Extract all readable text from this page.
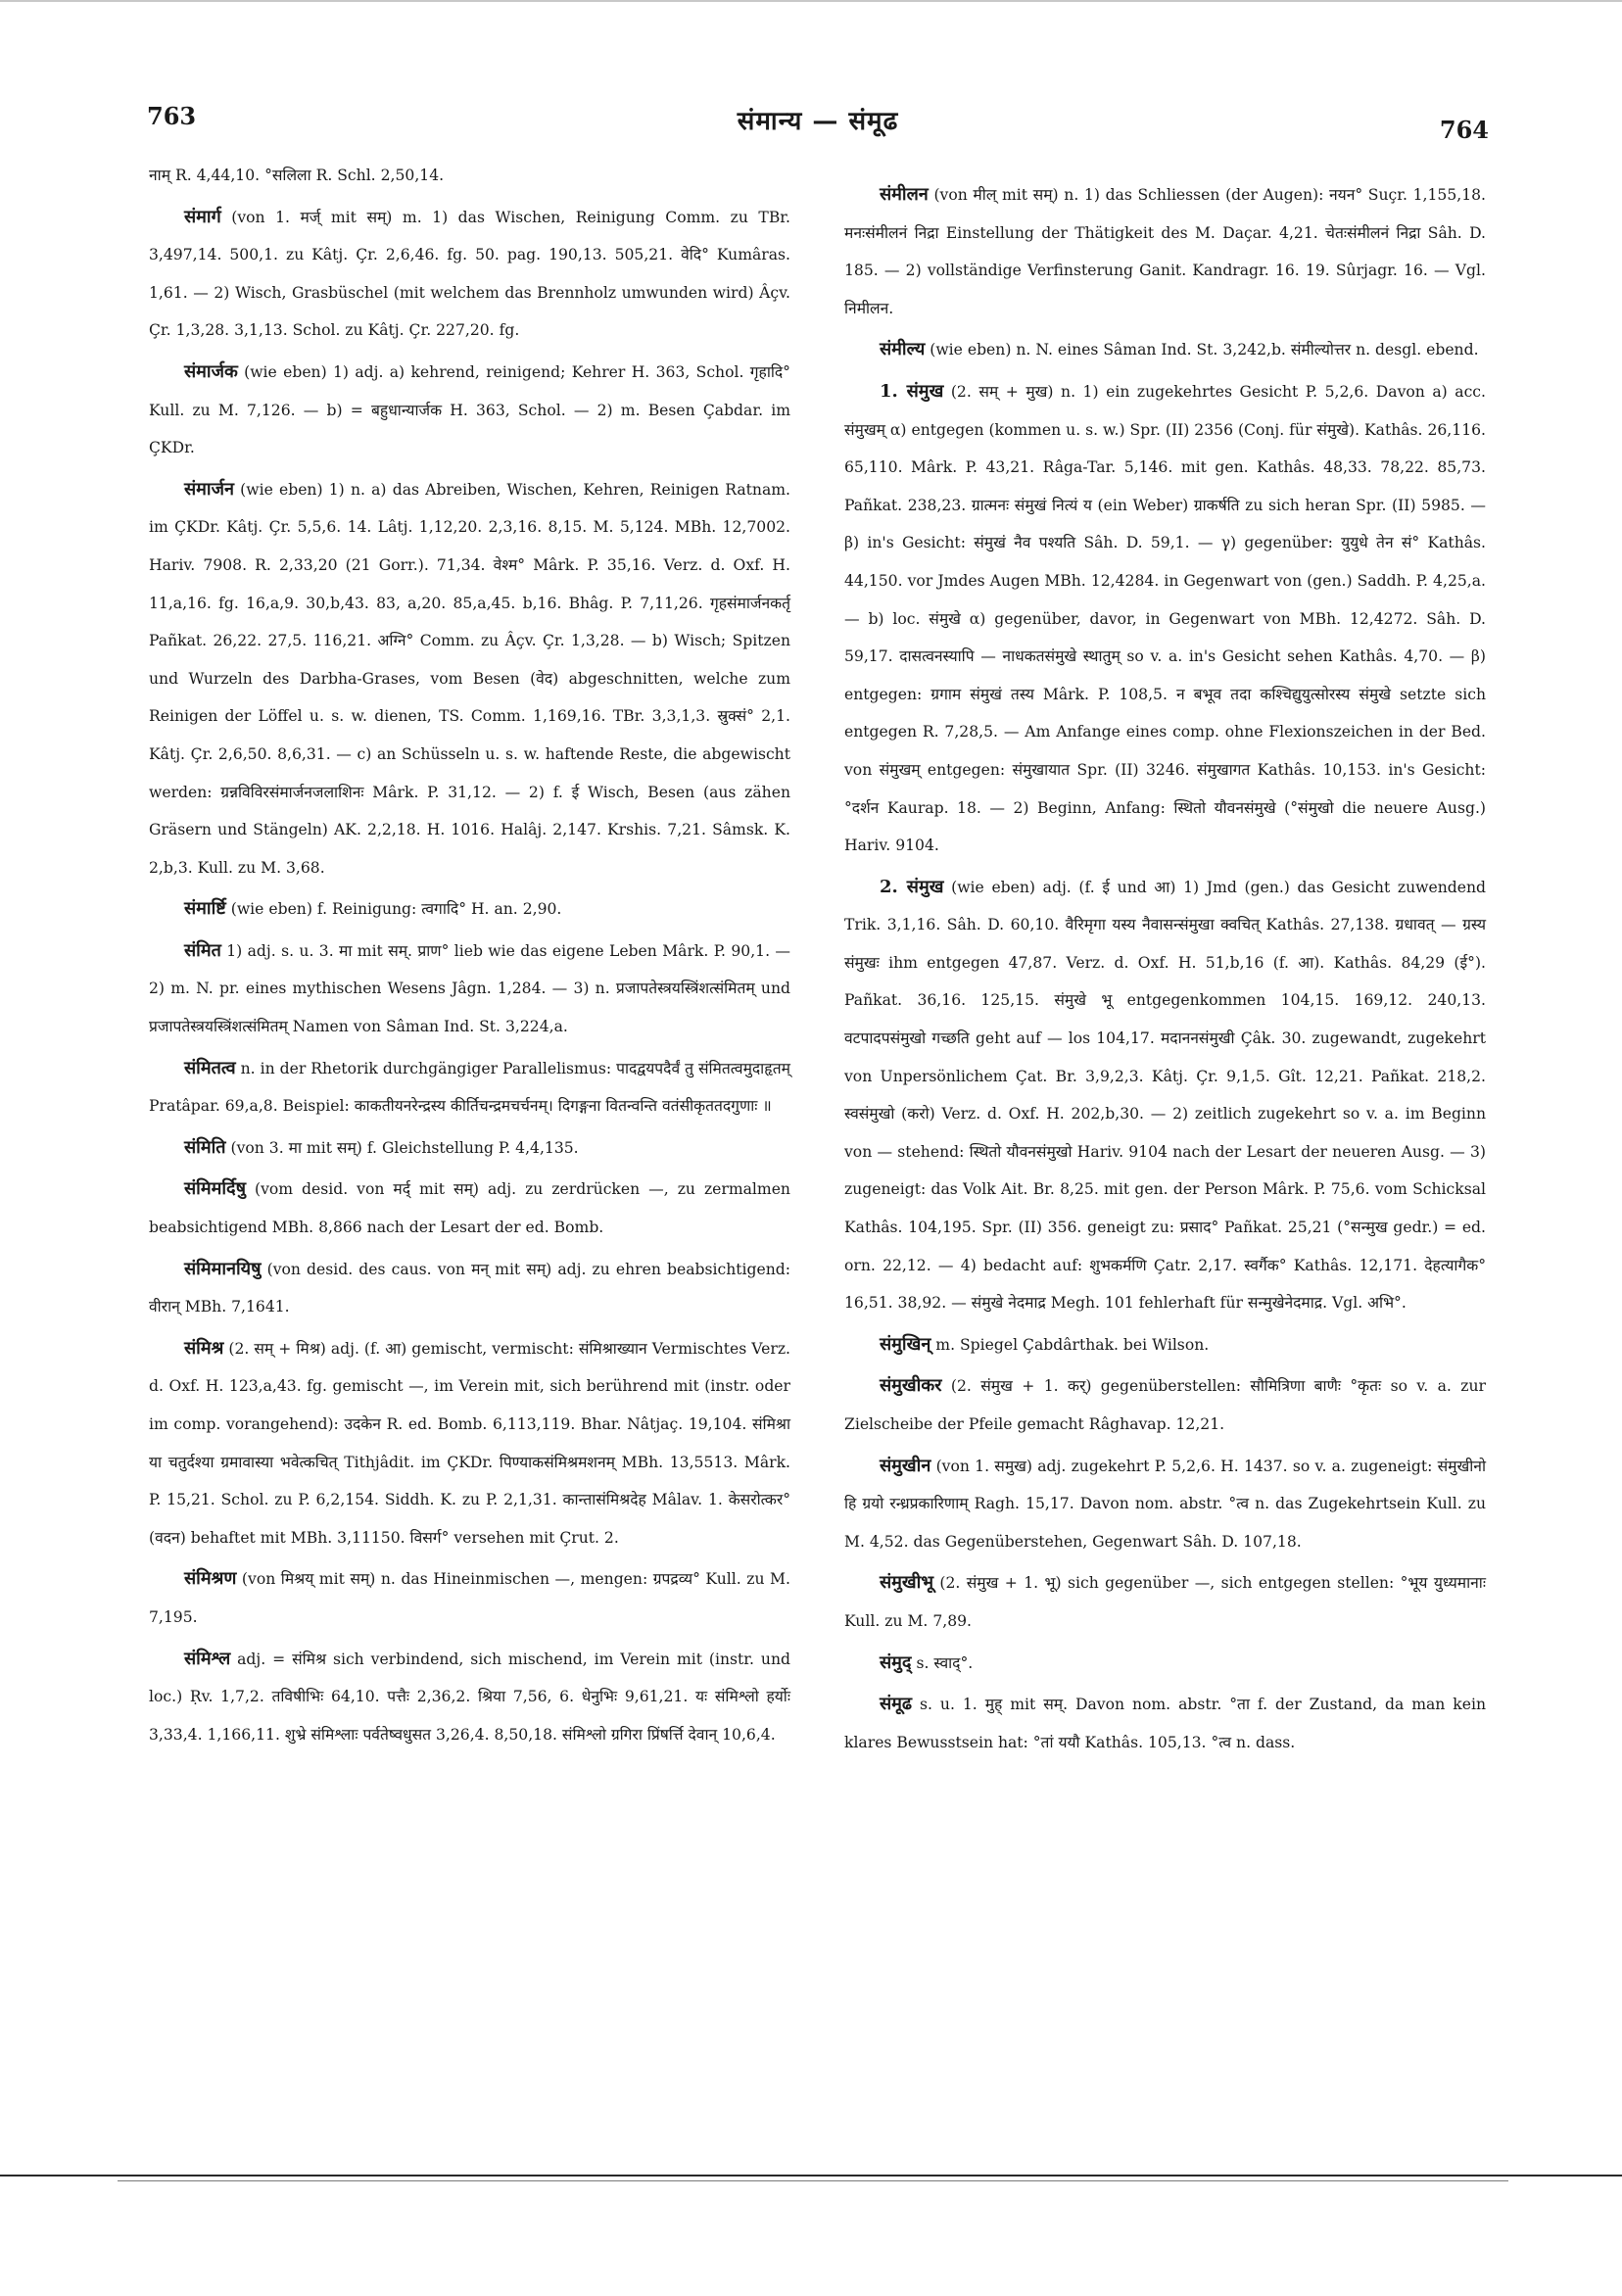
763	संमान्य — संमूढ	764

नाम् R. 4,44,10. °सलिला R. Schl. 2,50,14.

संमार्ग (von 1. मर्ज् mit सम्) m. 1) das Wischen, Reinigung Comm. zu TBr. 3,497,14. 500,1. zu Kâtj. Çr. 2,6,46. fg. 50. pag. 190,13. 505,21. वेदि° Kumâras. 1,61. — 2) Wisch, Grasbüschel (mit welchem das Brennholz umwunden wird) Âçv. Çr. 1,3,28. 3,1,13. Schol. zu Kâtj. Çr. 227,20. fg.

संमार्जक (wie eben) 1) adj. a) kehrend, reinigend; Kehrer H. 363, Schol. गृहादि° Kull. zu M. 7,126. — b) = बहुधान्यार्जक H. 363, Schol. — 2) m. Besen Çabdar. im ÇKDr.

संमार्जन (wie eben) 1) n. a) das Abreiben, Wischen, Kehren, Reinigen Ratnam. im ÇKDr. Kâtj. Çr. 5,5,6. 14. Lâtj. 1,12,20. 2,3,16. 8,15. M. 5,124. MBh. 12,7002. Hariv. 7908. R. 2,33,20 (21 Gorr.). 71,34. वेश्म° Mârk. P. 35,16. Verz. d. Oxf. H. 11,a,16. fg. 16,a,9. 30,b,43. 83, a,20. 85,a,45. b,16. Bhâg. P. 7,11,26. गृहसंमार्जनकर्तृ Pañkat. 26,22. 27,5. 116,21. अग्नि° Comm. zu Âçv. Çr. 1,3,28. — b) Wisch; Spitzen und Wurzeln des Darbha-Grases, vom Besen (वेद) abgeschnitten, welche zum Reinigen der Löffel u. s. w. dienen, TS. Comm. 1,169,16. TBr. 3,3,1,3. स्रुक्सं° 2,1. Kâtj. Çr. 2,6,50. 8,6,31. — c) an Schüsseln u. s. w. haftende Reste, die abgewischt werden: ग्रन्नविविरसंमार्जनजलाशिनः Mârk. P. 31,12. — 2) f. ई Wisch, Besen (aus zähen Gräsern und Stängeln) AK. 2,2,18. H. 1016. Halâj. 2,147. Krshis. 7,21. Sâmsk. K. 2,b,3. Kull. zu M. 3,68.

संमार्ष्टि (wie eben) f. Reinigung: त्वगादि° H. an. 2,90.

संमित 1) adj. s. u. 3. मा mit सम्. प्राण° lieb wie das eigene Leben Mârk. P. 90,1. — 2) m. N. pr. eines mythischen Wesens Jâgn. 1,284. — 3) n. प्रजापतेस्त्रयस्त्रिंशत्संमितम् und प्रजापतेस्त्रयस्त्रिंशत्संमितम् Namen von Sâman Ind. St. 3,224,a.

संमितत्व n. in der Rhetorik durchgängiger Parallelismus: पादद्वयपदैर्वं तु संमितत्वमुदाहृतम् Pratâpar. 69,a,8. Beispiel: काकतीयनरेन्द्रस्य कीर्तिचन्द्रमचर्चनम्। दिगङ्गना वितन्वन्ति वतंसीकृततदगुणाः ॥

संमिति (von 3. मा mit सम्) f. Gleichstellung P. 4,4,135.

संमिमर्दिषु (vom desid. von मर्द् mit सम्) adj. zu zerdrücken —, zu zermalmen beabsichtigend MBh. 8,866 nach der Lesart der ed. Bomb.

संमिमानयिषु (von desid. des caus. von मन् mit सम्) adj. zu ehren beabsichtigend: वीरान् MBh. 7,1641.

संमिश्र (2. सम् + मिश्र) adj. (f. आ) gemischt, vermischt: संमिश्राख्यान Vermischtes Verz. d. Oxf. H. 123,a,43. fg. gemischt —, im Verein mit, sich berührend mit (instr. oder im comp. vorangehend): उदकेन R. ed. Bomb. 6,113,119. Bhar. Nâtjaç. 19,104. संमिश्रा या चतुर्दश्या ग्रमावास्या भवेत्कचित् Tithjâdit. im ÇKDr. पिण्याकसंमिश्रमशनम् MBh. 13,5513. Mârk. P. 15,21. Schol. zu P. 6,2,154. Siddh. K. zu P. 2,1,31. कान्तासंमिश्रदेह Mâlav. 1. केसरोत्कर° (वदन) behaftet mit MBh. 3,11150. विसर्ग° versehen mit Çrut. 2.

संमिश्रण (von मिश्रय् mit सम्) n. das Hineinmischen —, mengen: ग्रपद्रव्य° Kull. zu M. 7,195.

संमिश्ल adj. = संमिश्र sich verbindend, sich mischend, im Verein mit (instr. und loc.) Ṛv. 1,7,2. तविषीभिः 64,10. पत्तैः 2,36,2. श्रिया 7,56, 6. धेनुभिः 9,61,21. यः संमिश्लो हर्योः 3,33,4. 1,166,11. शुभ्रे संमिश्लाः पर्वतेष्वधुसत 3,26,4. 8,50,18. संमिश्लो ग्रगिरा प्रिंषर्त्ति देवान् 10,6,4.

संमीलन (von मील् mit सम्) n. 1) das Schliessen (der Augen): नयन° Suçr. 1,155,18. मनःसंमीलनं निद्रा Einstellung der Thätigkeit des M. Daçar. 4,21. चेतःसंमीलनं निद्रा Sâh. D. 185. — 2) vollständige Verfinsterung Ganit. Kandragr. 16. 19. Sûrjagr. 16. — Vgl. निमीलन.

संमील्य (wie eben) n. N. eines Sâman Ind. St. 3,242,b. संमील्योत्तर n. desgl. ebend.

1. संमुख (2. सम् + मुख) n. 1) ein zugekehrtes Gesicht P. 5,2,6. Davon a) acc. संमुखम् α) entgegen (kommen u. s. w.) Spr. (II) 2356 (Conj. für संमुखे). Kathâs. 26,116. 65,110. Mârk. P. 43,21. Râga-Tar. 5,146. mit gen. Kathâs. 48,33. 78,22. 85,73. Pañkat. 238,23. ग्रात्मनः संमुखं नित्यं य (ein Weber) ग्राकर्षति zu sich heran Spr. (II) 5985. — β) in's Gesicht: संमुखं नैव पश्यति Sâh. D. 59,1. — γ) gegenüber: युयुधे तेन सं° Kathâs. 44,150. vor Jmdes Augen MBh. 12,4284. in Gegenwart von (gen.) Saddh. P. 4,25,a. — b) loc. संमुखे α) gegenüber, davor, in Gegenwart von MBh. 12,4272. Sâh. D. 59,17. दासत्वनस्यापि — नाधकतसंमुखे स्थातुम् so v. a. in's Gesicht sehen Kathâs. 4,70. — β) entgegen: ग्रगाम संमुखं तस्य Mârk. P. 108,5. न बभूव तदा कश्चिद्युयुत्सोरस्य संमुखे setzte sich entgegen R. 7,28,5. — Am Anfange eines comp. ohne Flexionszeichen in der Bed. von संमुखम् entgegen: संमुखायात Spr. (II) 3246. संमुखागत Kathâs. 10,153. in's Gesicht: °दर्शन Kaurap. 18. — 2) Beginn, Anfang: स्थितो यौवनसंमुखे (°संमुखो die neuere Ausg.) Hariv. 9104.

2. संमुख (wie eben) adj. (f. ई und आ) 1) Jmd (gen.) das Gesicht zuwendend Trik. 3,1,16. Sâh. D. 60,10. वैरिमृगा यस्य नैवासन्संमुखा क्वचित् Kathâs. 27,138. ग्रधावत् — ग्रस्य संमुखः ihm entgegen 47,87. Verz. d. Oxf. H. 51,b,16 (f. आ). Kathâs. 84,29 (ई°). Pañkat. 36,16. 125,15. संमुखे भू entgegenkommen 104,15. 169,12. 240,13. वटपादपसंमुखो गच्छति geht auf — los 104,17. मदाननसंमुखी Çâk. 30. zugewandt, zugekehrt von Unpersönlichem Çat. Br. 3,9,2,3. Kâtj. Çr. 9,1,5. Gît. 12,21. Pañkat. 218,2. स्वसंमुखो (करो) Verz. d. Oxf. H. 202,b,30. — 2) zeitlich zugekehrt so v. a. im Beginn von — stehend: स्थितो यौवनसंमुखो Hariv. 9104 nach der Lesart der neueren Ausg. — 3) zugeneigt: das Volk Ait. Br. 8,25. mit gen. der Person Mârk. P. 75,6. vom Schicksal Kathâs. 104,195. Spr. (II) 356. geneigt zu: प्रसाद° Pañkat. 25,21 (°सन्मुख gedr.) = ed. orn. 22,12. — 4) bedacht auf: शुभकर्मणि Çatr. 2,17. स्वर्गैक° Kathâs. 12,171. देहत्यागैक° 16,51. 38,92. — संमुखे नेदमाद्र Megh. 101 fehlerhaft für सन्मुखेनेदमाद्र. Vgl. अभि°.

संमुखिन् m. Spiegel Çabdârthak. bei Wilson.

संमुखीकर (2. संमुख + 1. कर्) gegenüberstellen: सौमित्रिणा बाणैः °कृतः so v. a. zur Zielscheibe der Pfeile gemacht Râghavap. 12,21.

संमुखीन (von 1. समुख) adj. zugekehrt P. 5,2,6. H. 1437. so v. a. zugeneigt: संमुखीनो हि ग्रयो रन्ध्रप्रकारिणाम् Ragh. 15,17. Davon nom. abstr. °त्व n. das Zugekehrtsein Kull. zu M. 4,52. das Gegenüberstehen, Gegenwart Sâh. D. 107,18.

संमुखीभू (2. संमुख + 1. भू) sich gegenüber —, sich entgegen stellen: °भूय युध्यमानाः Kull. zu M. 7,89.

संमुद् s. स्वाद्°.

संमूढ s. u. 1. मुह् mit सम्. Davon nom. abstr. °ता f. der Zustand, da man kein klares Bewusstsein hat: °तां ययौ Kathâs. 105,13. °त्व n. dass.
